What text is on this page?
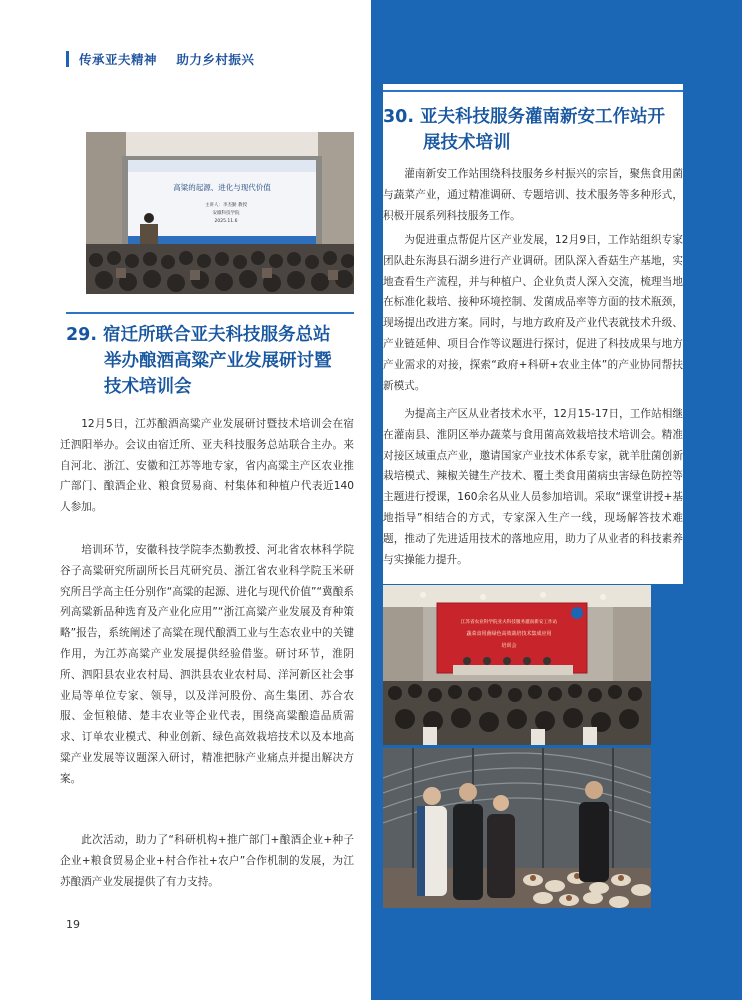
传承亚夫精神    助力乡村振兴
高粱的起源、进化与现代价值
主讲人：李杰勤 教授
安徽科技学院
2025.11.6
29. 宿迁所联合亚夫科技服务总站
举办酿酒高粱产业发展研讨暨
技术培训会

12月5日，江苏酿酒高粱产业发展研讨暨技术培训会在宿迁泗阳举办。会议由宿迁所、亚夫科技服务总站联合主办。来自河北、浙江、安徽和江苏等地专家，省内高粱主产区农业推广部门、酿酒企业、粮食贸易商、村集体和种植户代表近140人参加。

培训环节，安徽科技学院李杰勤教授、河北省农林科学院谷子高粱研究所副所长吕芃研究员、浙江省农业科学院玉米研究所吕学高主任分别作“高粱的起源、进化与现代价值”“冀酿系列高粱新品种选育及产业化应用”“浙江高粱产业发展及育种策略”报告，系统阐述了高粱在现代酿酒工业与生态农业中的关键作用，为江苏高粱产业发展提供经验借鉴。研讨环节，淮阴所、泗阳县农业农村局、泗洪县农业农村局、洋河新区社会事业局等单位专家、领导，以及洋河股份、高生集团、苏合农服、金恒粮储、楚丰农业等企业代表，围绕高粱酿造品质需求、订单农业模式、种业创新、绿色高效栽培技术以及本地高粱产业发展等议题深入研讨，精准把脉产业痛点并提出解决方案。

此次活动，助力了“科研机构+推广部门+酿酒企业+种子企业+粮食贸易企业+村合作社+农户”合作机制的发展，为江苏酿酒产业发展提供了有力支持。

19
30. 亚夫科技服务灌南新安工作站开
展技术培训

灌南新安工作站围绕科技服务乡村振兴的宗旨，聚焦食用菌与蔬菜产业，通过精准调研、专题培训、技术服务等多种形式，积极开展系列科技服务工作。

为促进重点帮促片区产业发展，12月9日，工作站组织专家团队赴东海县石湖乡进行产业调研。团队深入香菇生产基地，实地查看生产流程，并与种植户、企业负责人深入交流，梳理当地在标准化栽培、接种环境控制、发菌成品率等方面的技术瓶颈，现场提出改进方案。同时，与地方政府及产业代表就技术升级、产业链延伸、项目合作等议题进行探讨，促进了科技成果与地方产业需求的对接，探索“政府+科研+农业主体”的产业协同帮扶新模式。

为提高主产区从业者技术水平，12月15-17日，工作站相继在灌南县、淮阴区举办蔬菜与食用菌高效栽培技术培训会。精准对接区域重点产业，邀请国家产业技术体系专家，就羊肚菌创新栽培模式、辣椒关键生产技术、覆土类食用菌病虫害绿色防控等主题进行授课，160余名从业人员参加培训。采取“课堂讲授+基地指导”相结合的方式，专家深入生产一线，现场解答技术难题，推动了先进适用技术的落地应用，助力了从业者的科技素养与实操能力提升。

江苏省农业科学院亚夫科技服务灌南新安工作站
蔬菜食用菌绿色高效栽培技术集成应用
培训会
